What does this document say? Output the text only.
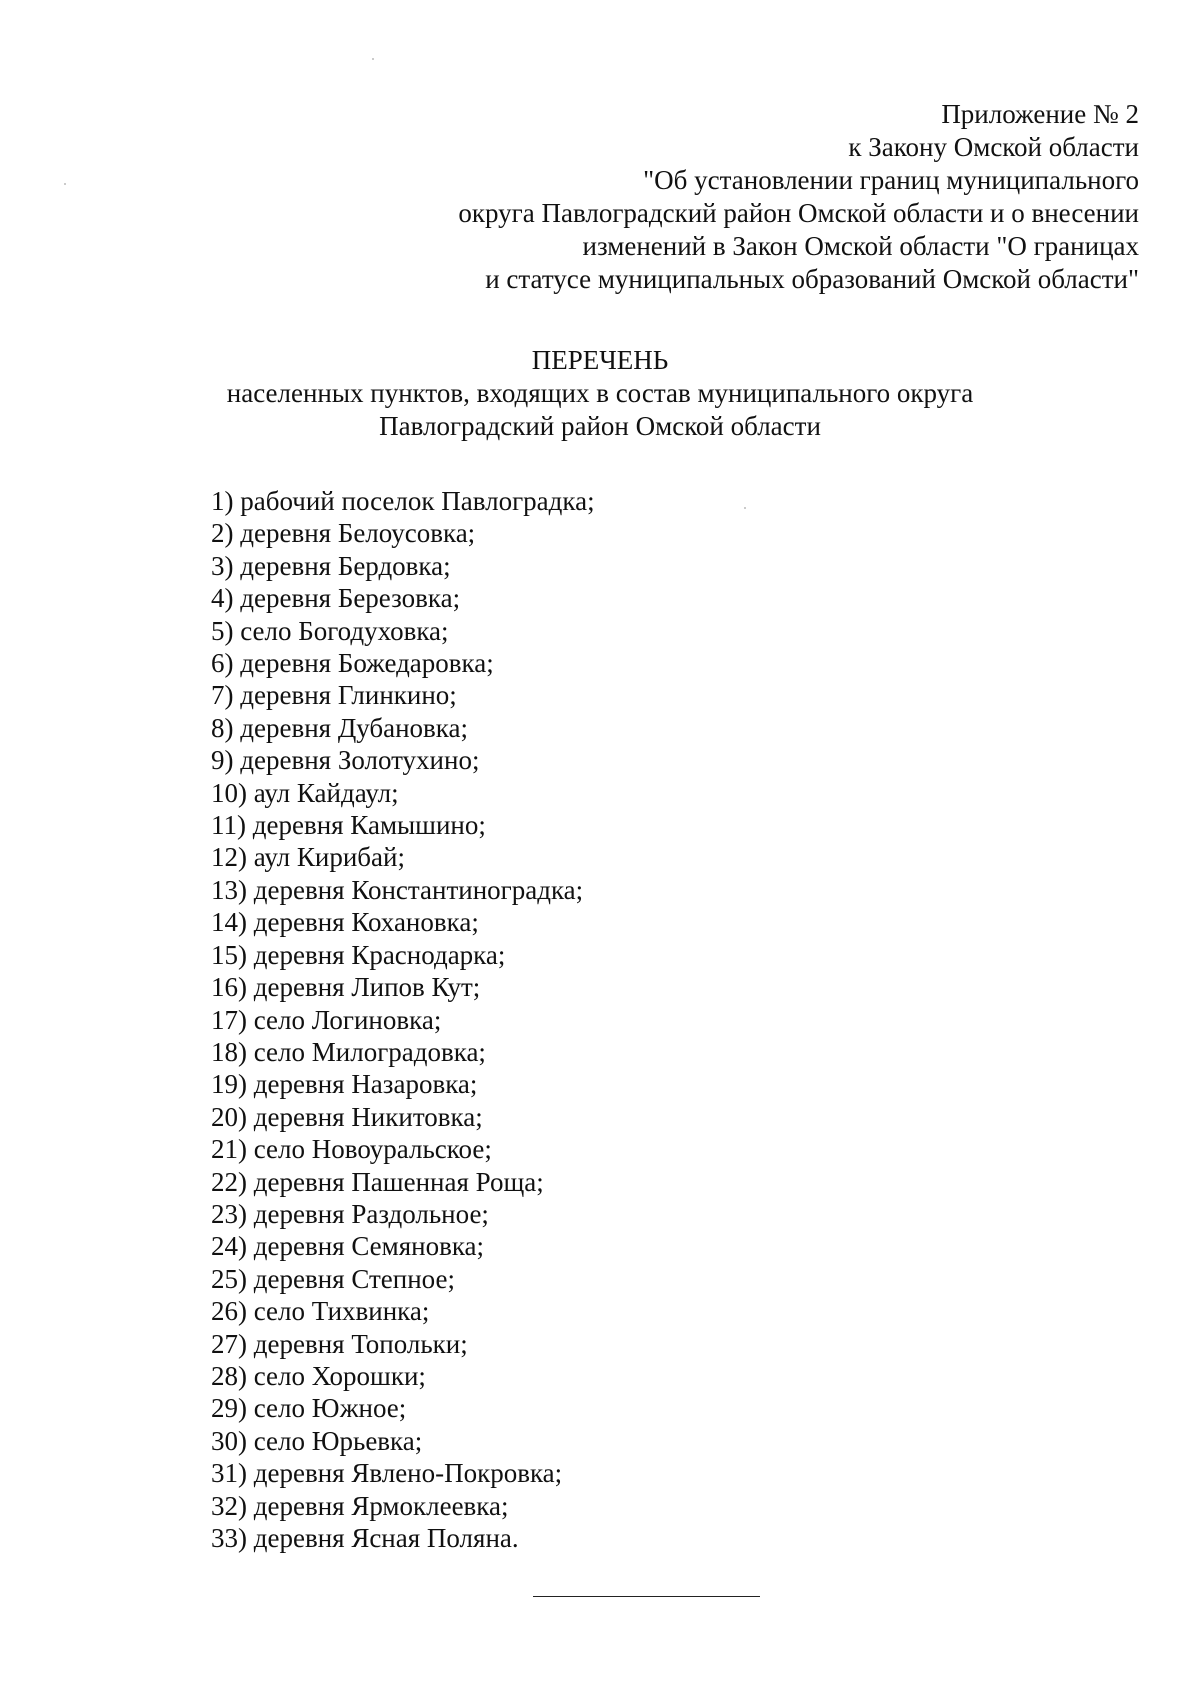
Приложение № 2
к Закону Омской области
"Об установлении границ муниципального
округа Павлоградский район Омской области и о внесении
изменений в Закон Омской области "О границах
и статусе муниципальных образований Омской области"
ПЕРЕЧЕНЬ
населенных пунктов, входящих в состав муниципального округа
Павлоградский район Омской области
1) рабочий поселок Павлоградка;
2) деревня Белоусовка;
3) деревня Бердовка;
4) деревня Березовка;
5) село Богодуховка;
6) деревня Божедаровка;
7) деревня Глинкино;
8) деревня Дубановка;
9) деревня Золотухино;
10) аул Кайдаул;
11) деревня Камышино;
12) аул Кирибай;
13) деревня Константиноградка;
14) деревня Кохановка;
15) деревня Краснодарка;
16) деревня Липов Кут;
17) село Логиновка;
18) село Милоградовка;
19) деревня Назаровка;
20) деревня Никитовка;
21) село Новоуральское;
22) деревня Пашенная Роща;
23) деревня Раздольное;
24) деревня Семяновка;
25) деревня Степное;
26) село Тихвинка;
27) деревня Топольки;
28) село Хорошки;
29) село Южное;
30) село Юрьевка;
31) деревня Явлено-Покровка;
32) деревня Ярмоклеевка;
33) деревня Ясная Поляна.
